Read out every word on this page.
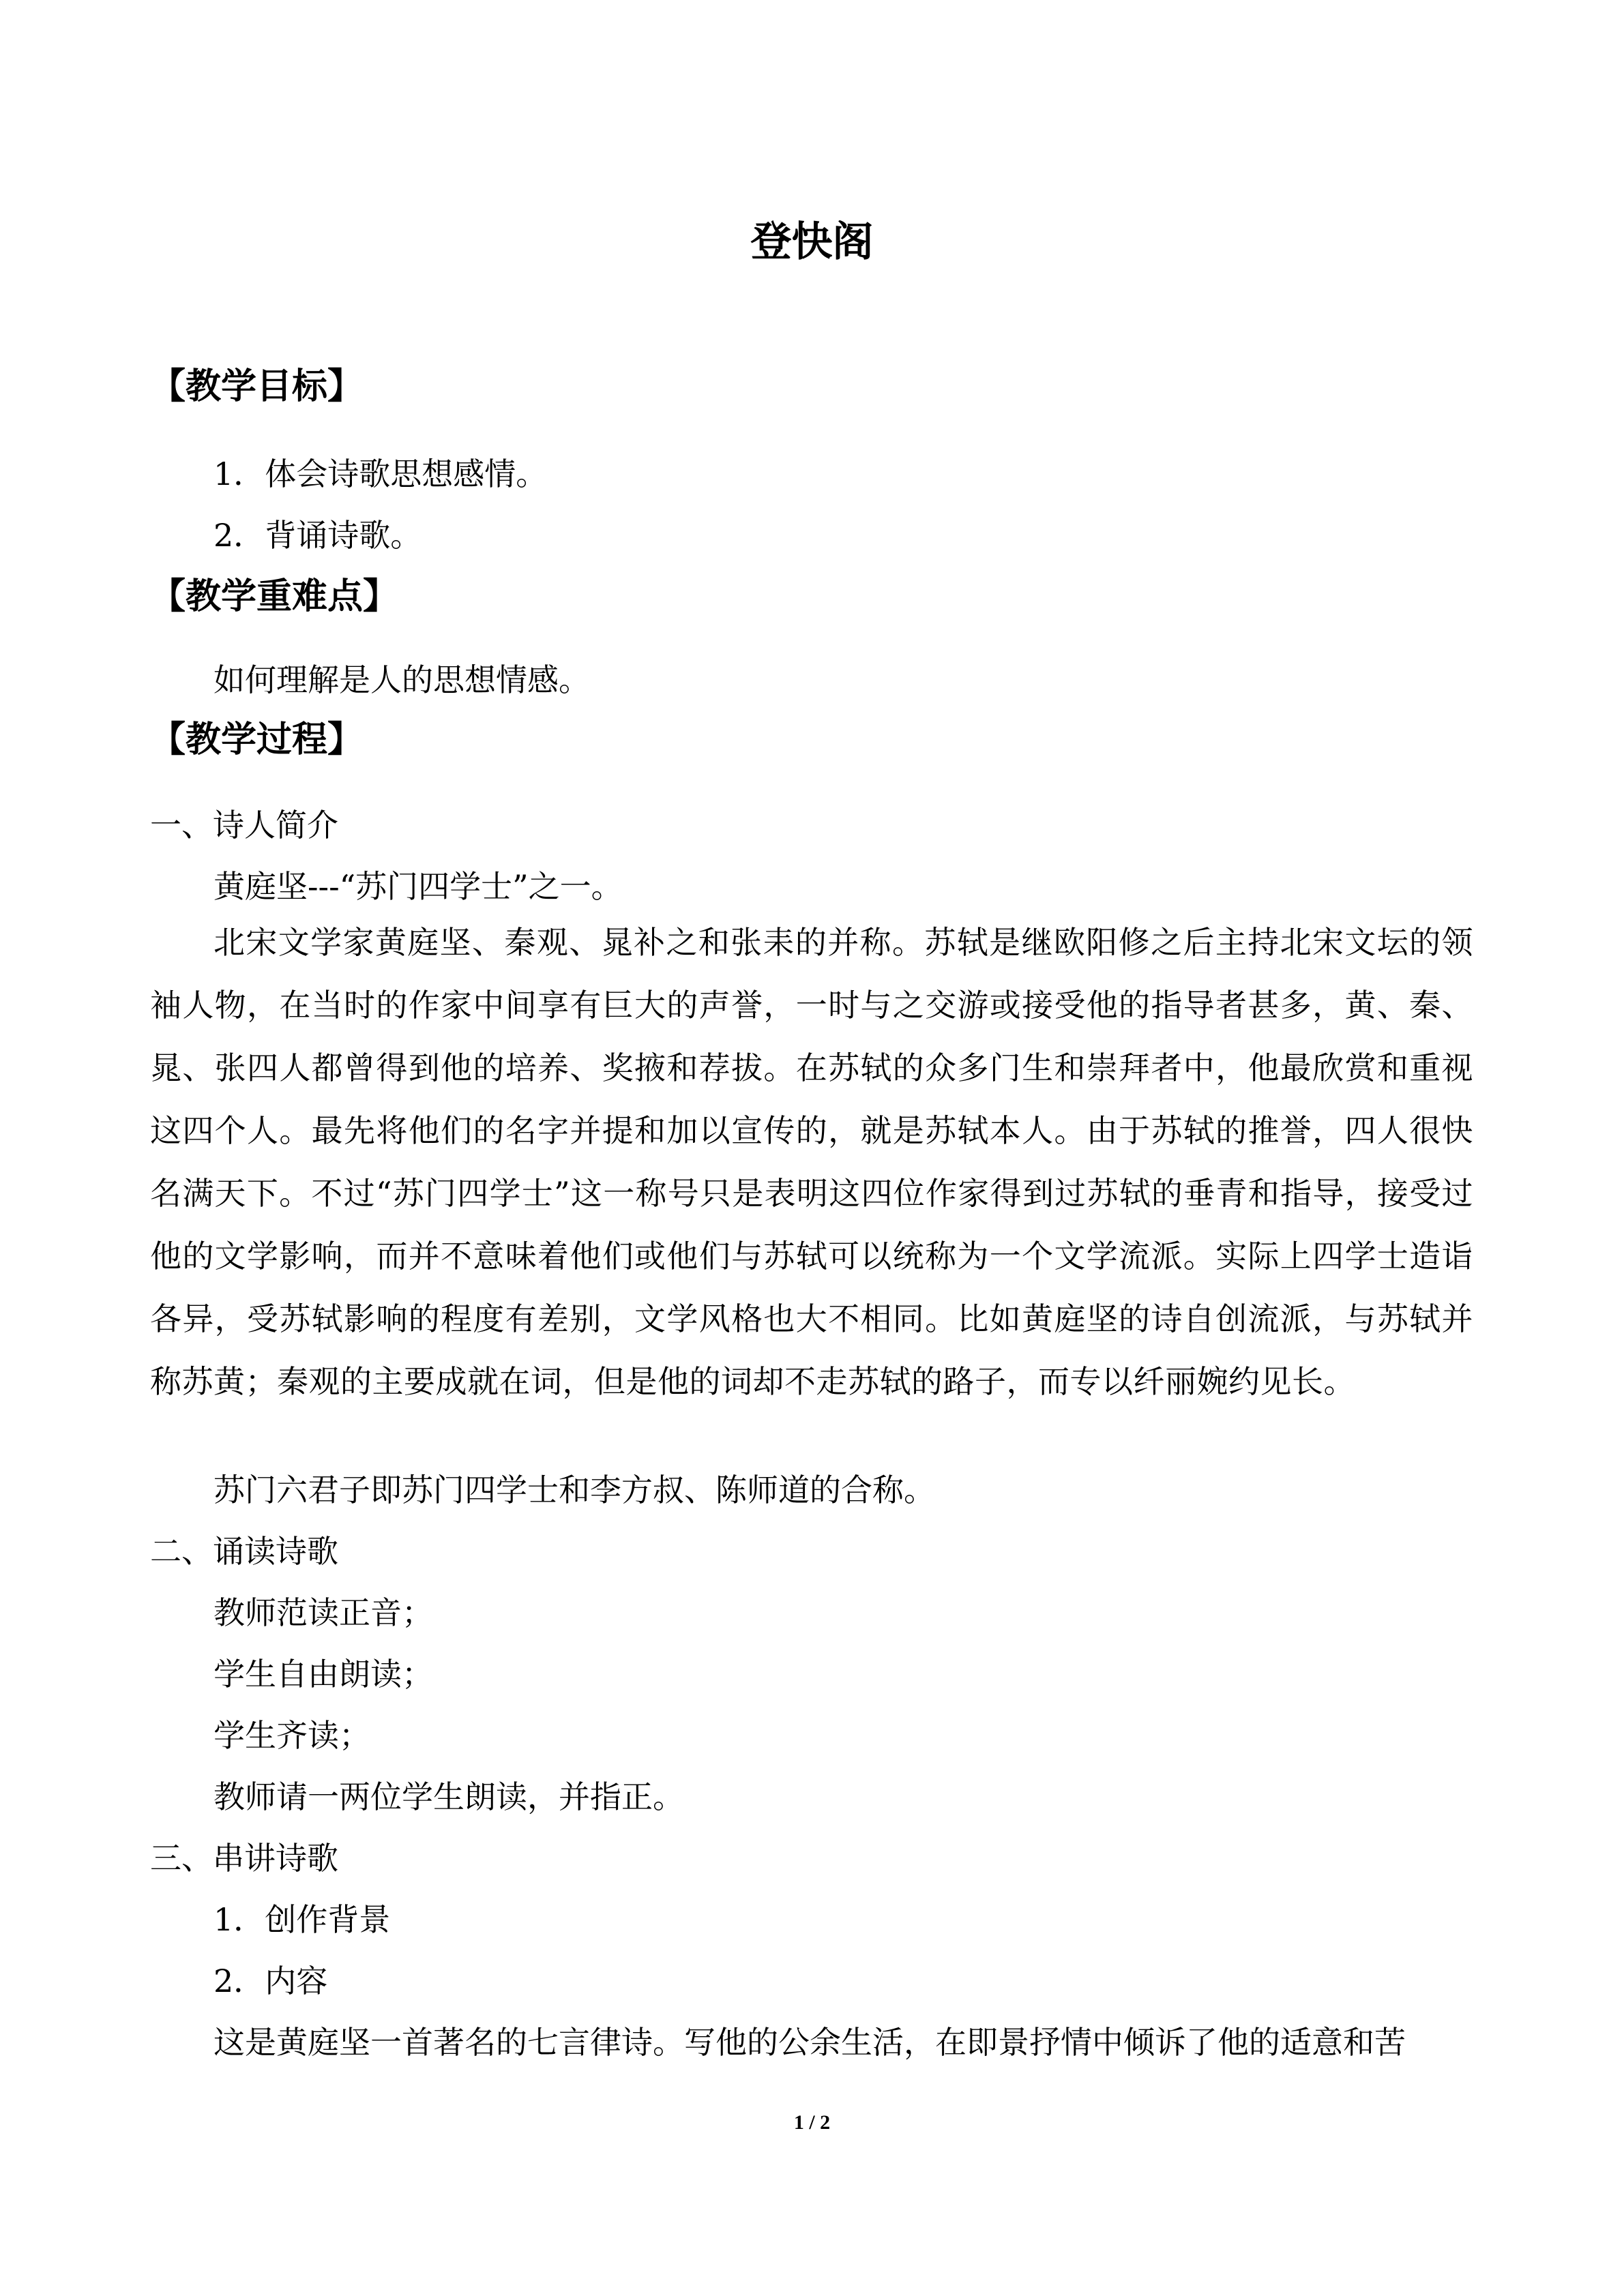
登快阁
【教学目标】
1．体会诗歌思想感情。
2．背诵诗歌。
【教学重难点】
如何理解是人的思想情感。
【教学过程】
一、诗人简介
黄庭坚---“苏门四学士”之一。
北宋文学家黄庭坚、秦观、晁补之和张耒的并称。苏轼是继欧阳修之后主持北宋文坛的领袖人物，在当时的作家中间享有巨大的声誉，一时与之交游或接受他的指导者甚多，黄、秦、晁、张四人都曾得到他的培养、奖掖和荐拔。在苏轼的众多门生和崇拜者中，他最欣赏和重视这四个人。最先将他们的名字并提和加以宣传的，就是苏轼本人。由于苏轼的推誉，四人很快名满天下。不过“苏门四学士”这一称号只是表明这四位作家得到过苏轼的垂青和指导，接受过他的文学影响，而并不意味着他们或他们与苏轼可以统称为一个文学流派。实际上四学士造诣各异，受苏轼影响的程度有差别，文学风格也大不相同。比如黄庭坚的诗自创流派，与苏轼并称苏黄；秦观的主要成就在词，但是他的词却不走苏轼的路子，而专以纤丽婉约见长。
苏门六君子即苏门四学士和李方叔、陈师道的合称。
二、诵读诗歌
教师范读正音；
学生自由朗读；
学生齐读；
教师请一两位学生朗读，并指正。
三、串讲诗歌
1．创作背景
2．内容
这是黄庭坚一首著名的七言律诗。写他的公余生活，在即景抒情中倾诉了他的适意和苦
1 / 2
